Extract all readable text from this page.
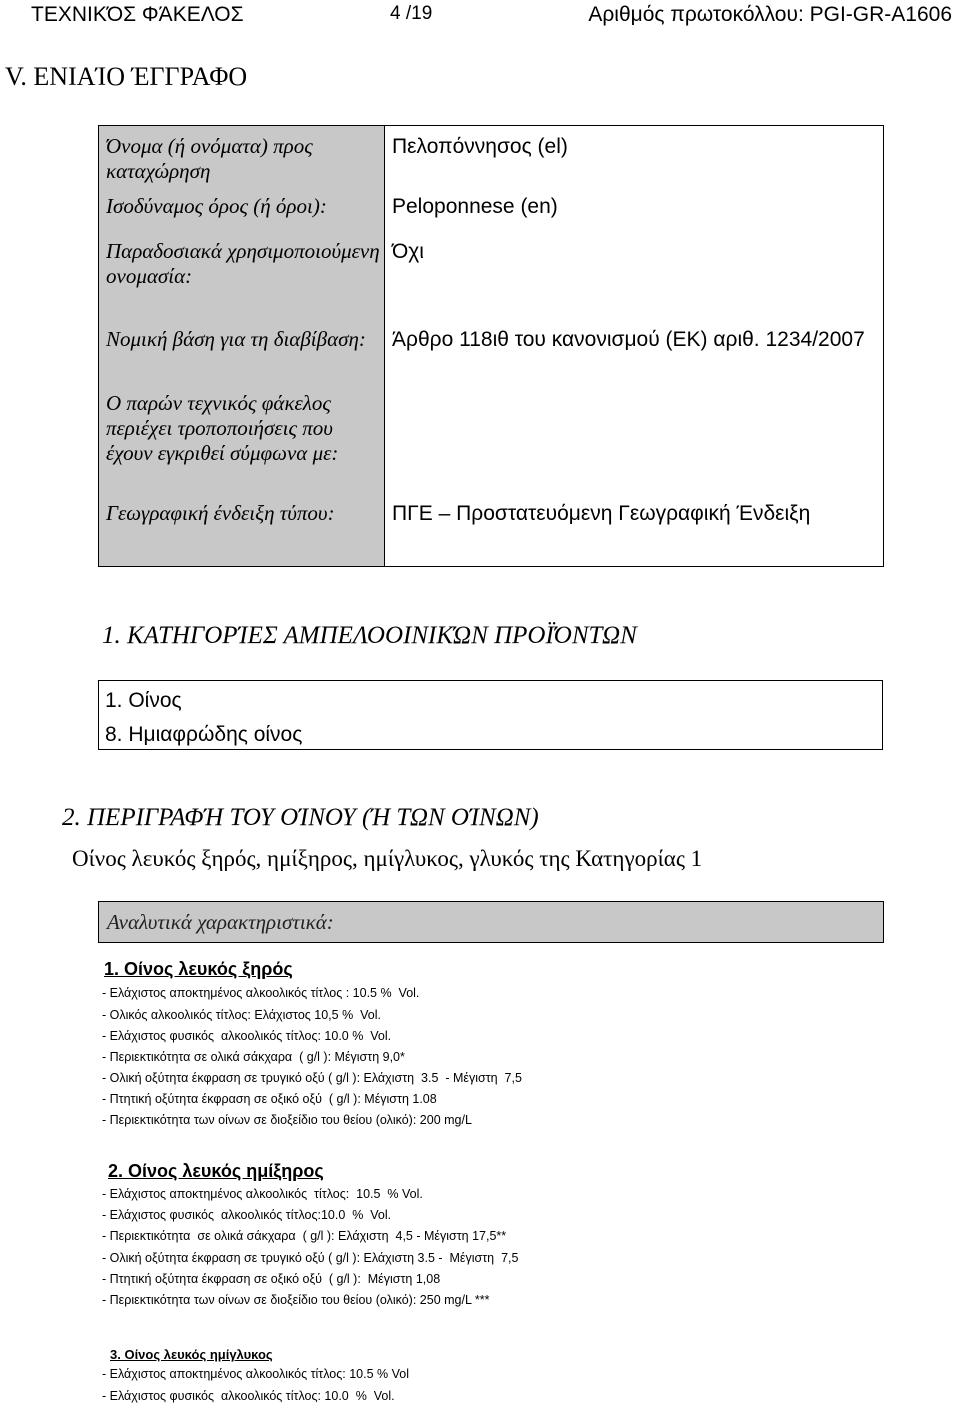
ΤΕΧΝΙΚΌΣ ΦΆΚΕΛΟΣ	4 /19	Αριθμός πρωτοκόλλου: PGI-GR-A1606
V. ΕΝΙΑΊΟ ΈΓΓΡΑΦΟ
Όνομα (ή ονόματα) προς καταχώρηση	Πελοπόννησος (el)
Ισοδύναμος όρος (ή όροι):	Peloponnese (en)
Παραδοσιακά χρησιμοποιούμενη ονομασία:	Όχι
Νομική βάση για τη διαβίβαση:	Άρθρο 118ιθ του κανονισμού (ΕΚ) αριθ. 1234/2007
Ο παρών τεχνικός φάκελος περιέχει τροποποιήσεις που έχουν εγκριθεί σύμφωνα με:	
Γεωγραφική ένδειξη τύπου:	ΠΓΕ – Προστατευόμενη Γεωγραφική Ένδειξη
1. ΚΑΤΗΓΟΡΊΕΣ ΑΜΠΕΛΟΟΙΝΙΚΏΝ ΠΡΟΪΌΝΤΩΝ
1. Οίνος
8. Ημιαφρώδης οίνος
2. ΠΕΡΙΓΡΑΦΉ ΤΟΥ ΟΊΝΟΥ (Ή ΤΩΝ ΟΊΝΩΝ)
Οίνος λευκός ξηρός, ημίξηρος, ημίγλυκος, γλυκός της Κατηγορίας 1
Αναλυτικά χαρακτηριστικά:
1. Οίνος λευκός ξηρός
- Ελάχιστος αποκτημένος αλκοολικός τίτλος : 10.5 %  Vol.
- Ολικός αλκοολικός τίτλος: Ελάχιστος 10,5 %  Vol.
- Ελάχιστος φυσικός  αλκοολικός τίτλος: 10.0 %  Vol.
- Περιεκτικότητα σε ολικά σάκχαρα  ( g/l ): Μέγιστη 9,0*
- Ολική οξύτητα έκφραση σε τρυγικό οξύ ( g/l ): Ελάχιστη  3.5  - Μέγιστη  7,5
- Πτητική οξύτητα έκφραση σε οξικό οξύ  ( g/l ): Μέγιστη 1.08
- Περιεκτικότητα των οίνων σε διοξείδιο του θείου (ολικό): 200 mg/L
2. Οίνος λευκός ημίξηρος
- Ελάχιστος αποκτημένος αλκοολικός  τίτλος:  10.5  % Vol.
- Ελάχιστος φυσικός  αλκοολικός τίτλος:10.0  %  Vol.
- Περιεκτικότητα  σε ολικά σάκχαρα  ( g/l ): Ελάχιστη  4,5 - Μέγιστη 17,5**
- Ολική οξύτητα έκφραση σε τρυγικό οξύ ( g/l ): Ελάχιστη 3.5 -  Μέγιστη  7,5
- Πτητική οξύτητα έκφραση σε οξικό οξύ  ( g/l ):  Μέγιστη 1,08
- Περιεκτικότητα των οίνων σε διοξείδιο του θείου (ολικό): 250 mg/L ***
3. Οίνος λευκός ημίγλυκος
- Ελάχιστος αποκτημένος αλκοολικός τίτλος: 10.5 % Vol
- Ελάχιστος φυσικός  αλκοολικός τίτλος: 10.0  %  Vol.
